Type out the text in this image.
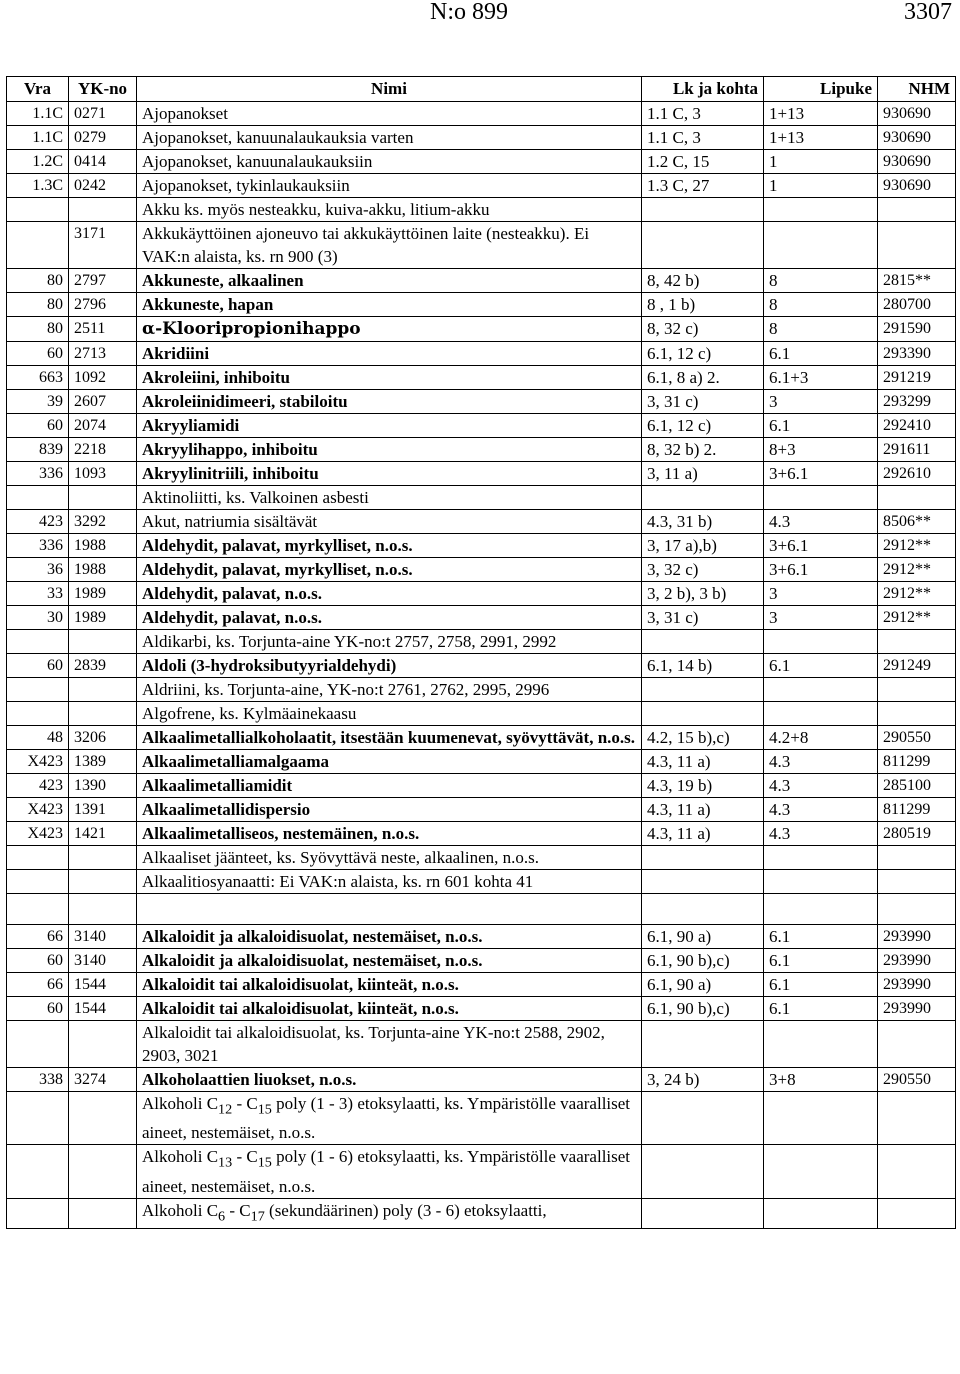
N:o 899	3307
Vra	YK-no	Nimi	Lk ja kohta	Lipuke	NHM
1.1C	0271	Ajopanokset	1.1 C, 3	1+13	930690
1.1C	0279	Ajopanokset, kanuunalaukauksia varten	1.1 C, 3	1+13	930690
1.2C	0414	Ajopanokset, kanuunalaukauksiin	1.2 C, 15	1	930690
1.3C	0242	Ajopanokset, tykinlaukauksiin	1.3 C, 27	1	930690
		Akku ks. myös nesteakku, kuiva-akku, litium-akku			
	3171	Akkukäyttöinen ajoneuvo tai akkukäyttöinen laite (nesteakku). Ei VAK:n alaista, ks. rn 900 (3)			
80	2797	Akkuneste, alkaalinen	8, 42 b)	8	2815**
80	2796	Akkuneste, hapan	8 , 1 b)	8	280700
80	2511	α-Klooripropionihappo	8, 32 c)	8	291590
60	2713	Akridiini	6.1, 12 c)	6.1	293390
663	1092	Akroleiini, inhiboitu	6.1, 8 a) 2.	6.1+3	291219
39	2607	Akroleiinidimeeri, stabiloitu	3, 31 c)	3	293299
60	2074	Akryyliamidi	6.1, 12 c)	6.1	292410
839	2218	Akryylihappo, inhiboitu	8, 32 b) 2.	8+3	291611
336	1093	Akryylinitriili, inhiboitu	3, 11 a)	3+6.1	292610
		Aktinoliitti, ks. Valkoinen asbesti			
423	3292	Akut, natriumia sisältävät	4.3, 31 b)	4.3	8506**
336	1988	Aldehydit, palavat, myrkylliset, n.o.s.	3, 17 a),b)	3+6.1	2912**
36	1988	Aldehydit, palavat, myrkylliset, n.o.s.	3, 32 c)	3+6.1	2912**
33	1989	Aldehydit, palavat, n.o.s.	3, 2 b), 3 b)	3	2912**
30	1989	Aldehydit, palavat, n.o.s.	3, 31 c)	3	2912**
		Aldikarbi, ks. Torjunta-aine YK-no:t 2757, 2758, 2991, 2992			
60	2839	Aldoli (3-hydroksibutyyrialdehydi)	6.1, 14 b)	6.1	291249
		Aldriini, ks. Torjunta-aine, YK-no:t 2761, 2762, 2995, 2996			
		Algofrene, ks. Kylmäainekaasu			
48	3206	Alkaalimetallialkoholaatit, itsestään kuumenevat, syövyttävät, n.o.s.	4.2, 15 b),c)	4.2+8	290550
X423	1389	Alkaalimetalliamalgaama	4.3, 11 a)	4.3	811299
423	1390	Alkaalimetalliamidit	4.3, 19 b)	4.3	285100
X423	1391	Alkaalimetallidispersio	4.3, 11 a)	4.3	811299
X423	1421	Alkaalimetalliseos, nestemäinen, n.o.s.	4.3, 11 a)	4.3	280519
		Alkaaliset jäänteet, ks. Syövyttävä neste, alkaalinen, n.o.s.			
		Alkaalitiosyanaatti: Ei VAK:n alaista, ks. rn 601 kohta 41			

66	3140	Alkaloidit ja alkaloidisuolat, nestemäiset, n.o.s.	6.1, 90 a)	6.1	293990
60	3140	Alkaloidit ja alkaloidisuolat, nestemäiset, n.o.s.	6.1, 90 b),c)	6.1	293990
66	1544	Alkaloidit tai alkaloidisuolat, kiinteät, n.o.s.	6.1, 90 a)	6.1	293990
60	1544	Alkaloidit tai alkaloidisuolat, kiinteät, n.o.s.	6.1, 90 b),c)	6.1	293990
		Alkaloidit tai alkaloidisuolat, ks. Torjunta-aine YK-no:t 2588, 2902, 2903, 3021			
338	3274	Alkoholaattien liuokset, n.o.s.	3, 24 b)	3+8	290550
		Alkoholi $C_{12} - C_{15}$ poly (1 - 3) etoksylaatti, ks. Ympäristölle vaaralliset aineet, nestemäiset, n.o.s.			
		Alkoholi $C_{13} - C_{15}$ poly (1 - 6) etoksylaatti, ks. Ympäristölle vaaralliset aineet, nestemäiset, n.o.s.			
		Alkoholi $C_6 - C_{17}$ (sekundäärinen) poly (3 - 6) etoksylaatti,			
